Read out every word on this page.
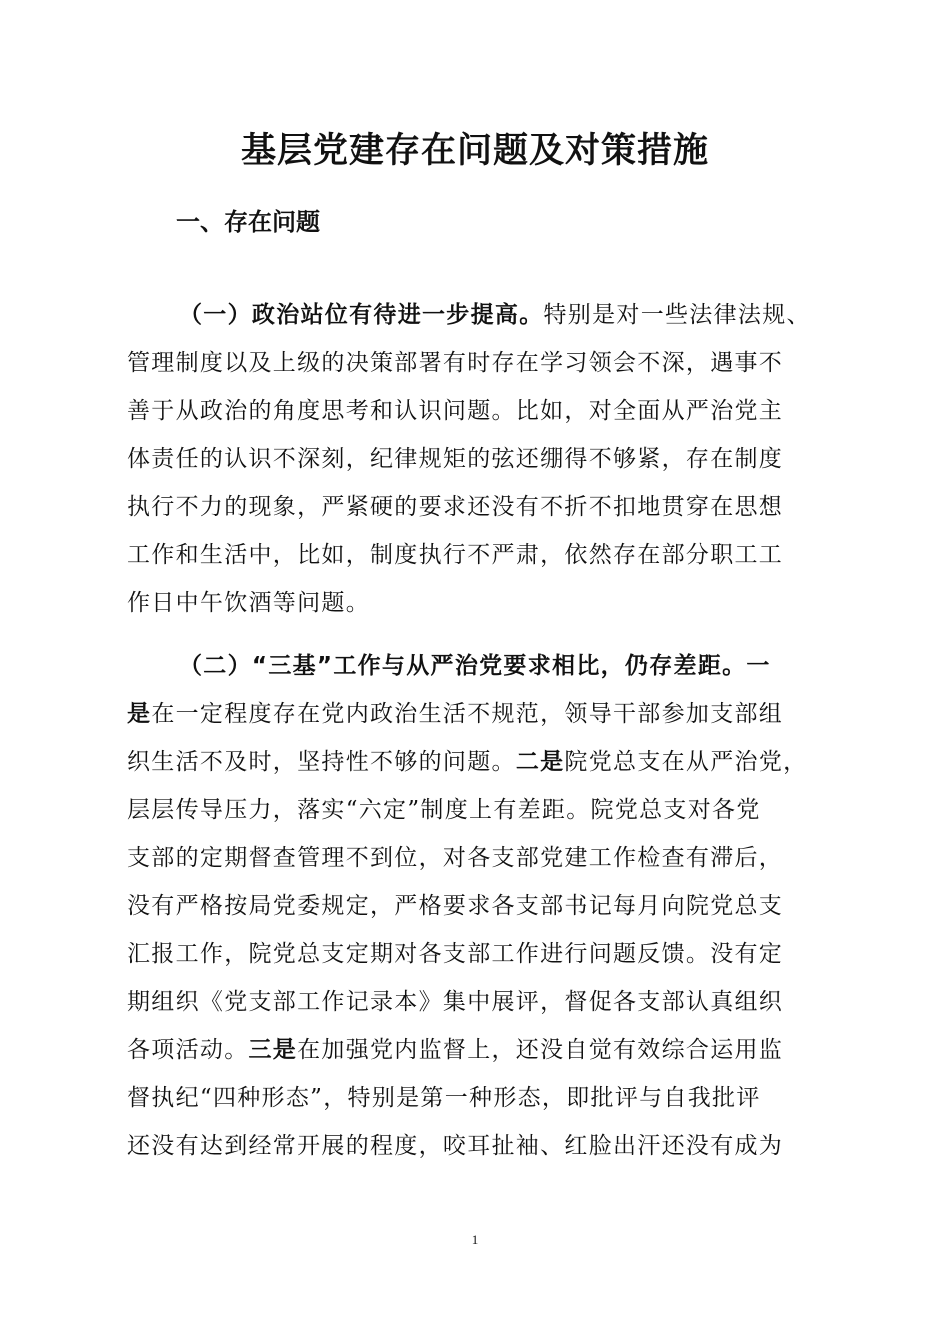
基层党建存在问题及对策措施
一、存在问题
（一）政治站位有待进一步提高。特别是对一些法律法规、
管理制度以及上级的决策部署有时存在学习领会不深，遇事不
善于从政治的角度思考和认识问题。比如，对全面从严治党主
体责任的认识不深刻，纪律规矩的弦还绷得不够紧，存在制度
执行不力的现象，严紧硬的要求还没有不折不扣地贯穿在思想
工作和生活中，比如，制度执行不严肃，依然存在部分职工工
作日中午饮酒等问题。
（二）“三基”工作与从严治党要求相比，仍存差距。一
是在一定程度存在党内政治生活不规范，领导干部参加支部组
织生活不及时，坚持性不够的问题。二是院党总支在从严治党，
层层传导压力，落实“六定”制度上有差距。院党总支对各党
支部的定期督查管理不到位，对各支部党建工作检查有滞后，
没有严格按局党委规定，严格要求各支部书记每月向院党总支
汇报工作，院党总支定期对各支部工作进行问题反馈。没有定
期组织《党支部工作记录本》集中展评，督促各支部认真组织
各项活动。三是在加强党内监督上，还没自觉有效综合运用监
督执纪“四种形态”，特别是第一种形态，即批评与自我批评
还没有达到经常开展的程度，咬耳扯袖、红脸出汗还没有成为
1
